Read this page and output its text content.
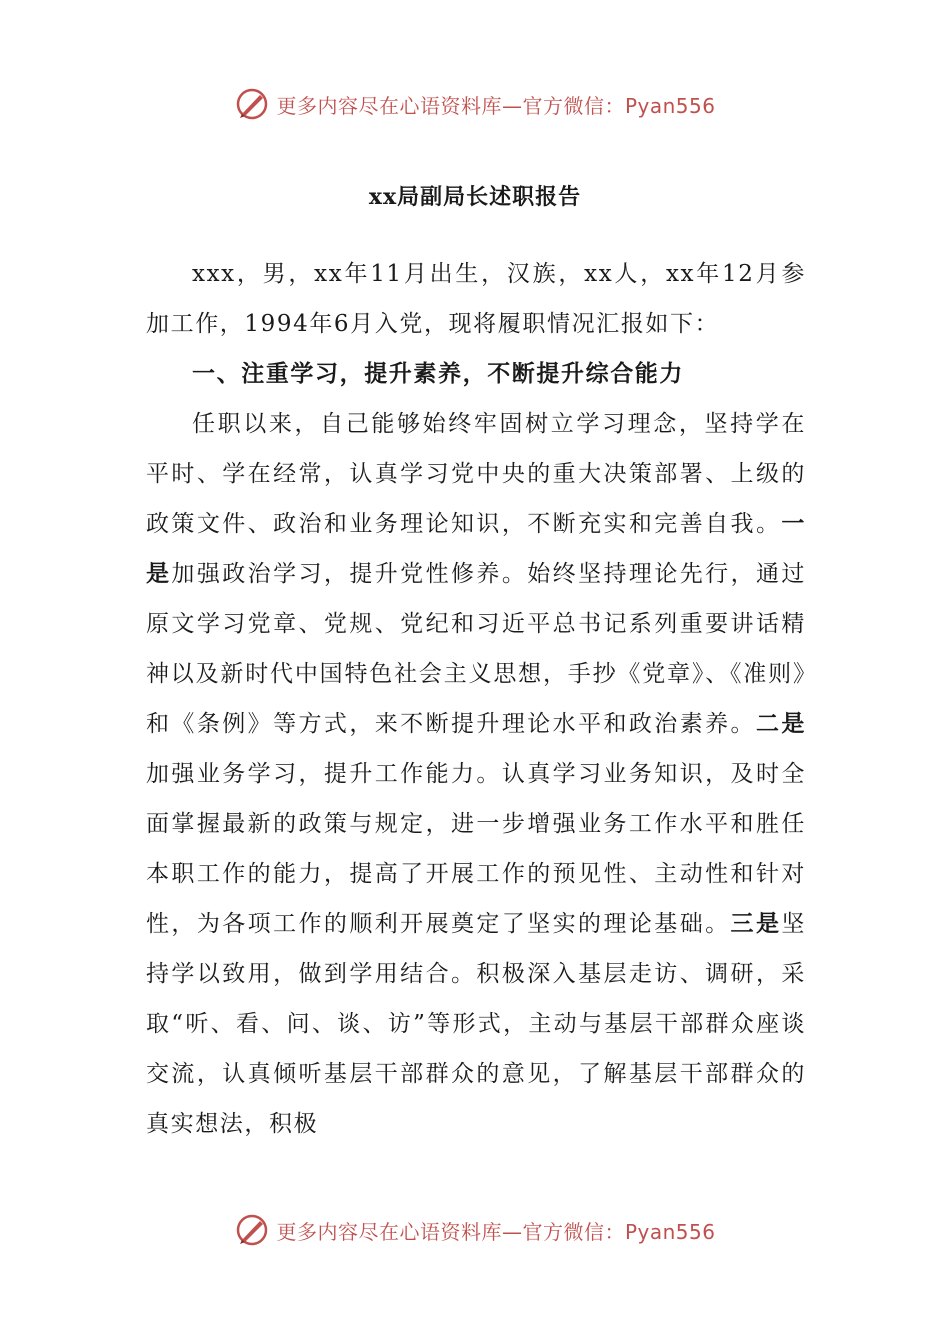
更多内容尽在心语资料库—官方微信：Pyan556
xx局副局长述职报告

xxx，男，xx年11月出生，汉族，xx人，xx年12月参加工作，1994年6月入党，现将履职情况汇报如下：

一、注重学习，提升素养，不断提升综合能力

任职以来，自己能够始终牢固树立学习理念，坚持学在平时、学在经常，认真学习党中央的重大决策部署、上级的政策文件、政治和业务理论知识，不断充实和完善自我。一是加强政治学习，提升党性修养。始终坚持理论先行，通过原文学习党章、党规、党纪和习近平总书记系列重要讲话精神以及新时代中国特色社会主义思想，手抄《党章》、《准则》和《条例》等方式，来不断提升理论水平和政治素养。二是加强业务学习，提升工作能力。认真学习业务知识，及时全面掌握最新的政策与规定，进一步增强业务工作水平和胜任本职工作的能力，提高了开展工作的预见性、主动性和针对性，为各项工作的顺利开展奠定了坚实的理论基础。三是坚持学以致用，做到学用结合。积极深入基层走访、调研，采取“听、看、问、谈、访”等形式，主动与基层干部群众座谈交流，认真倾听基层干部群众的意见，了解基层干部群众的真实想法，积极

更多内容尽在心语资料库—官方微信：Pyan556
